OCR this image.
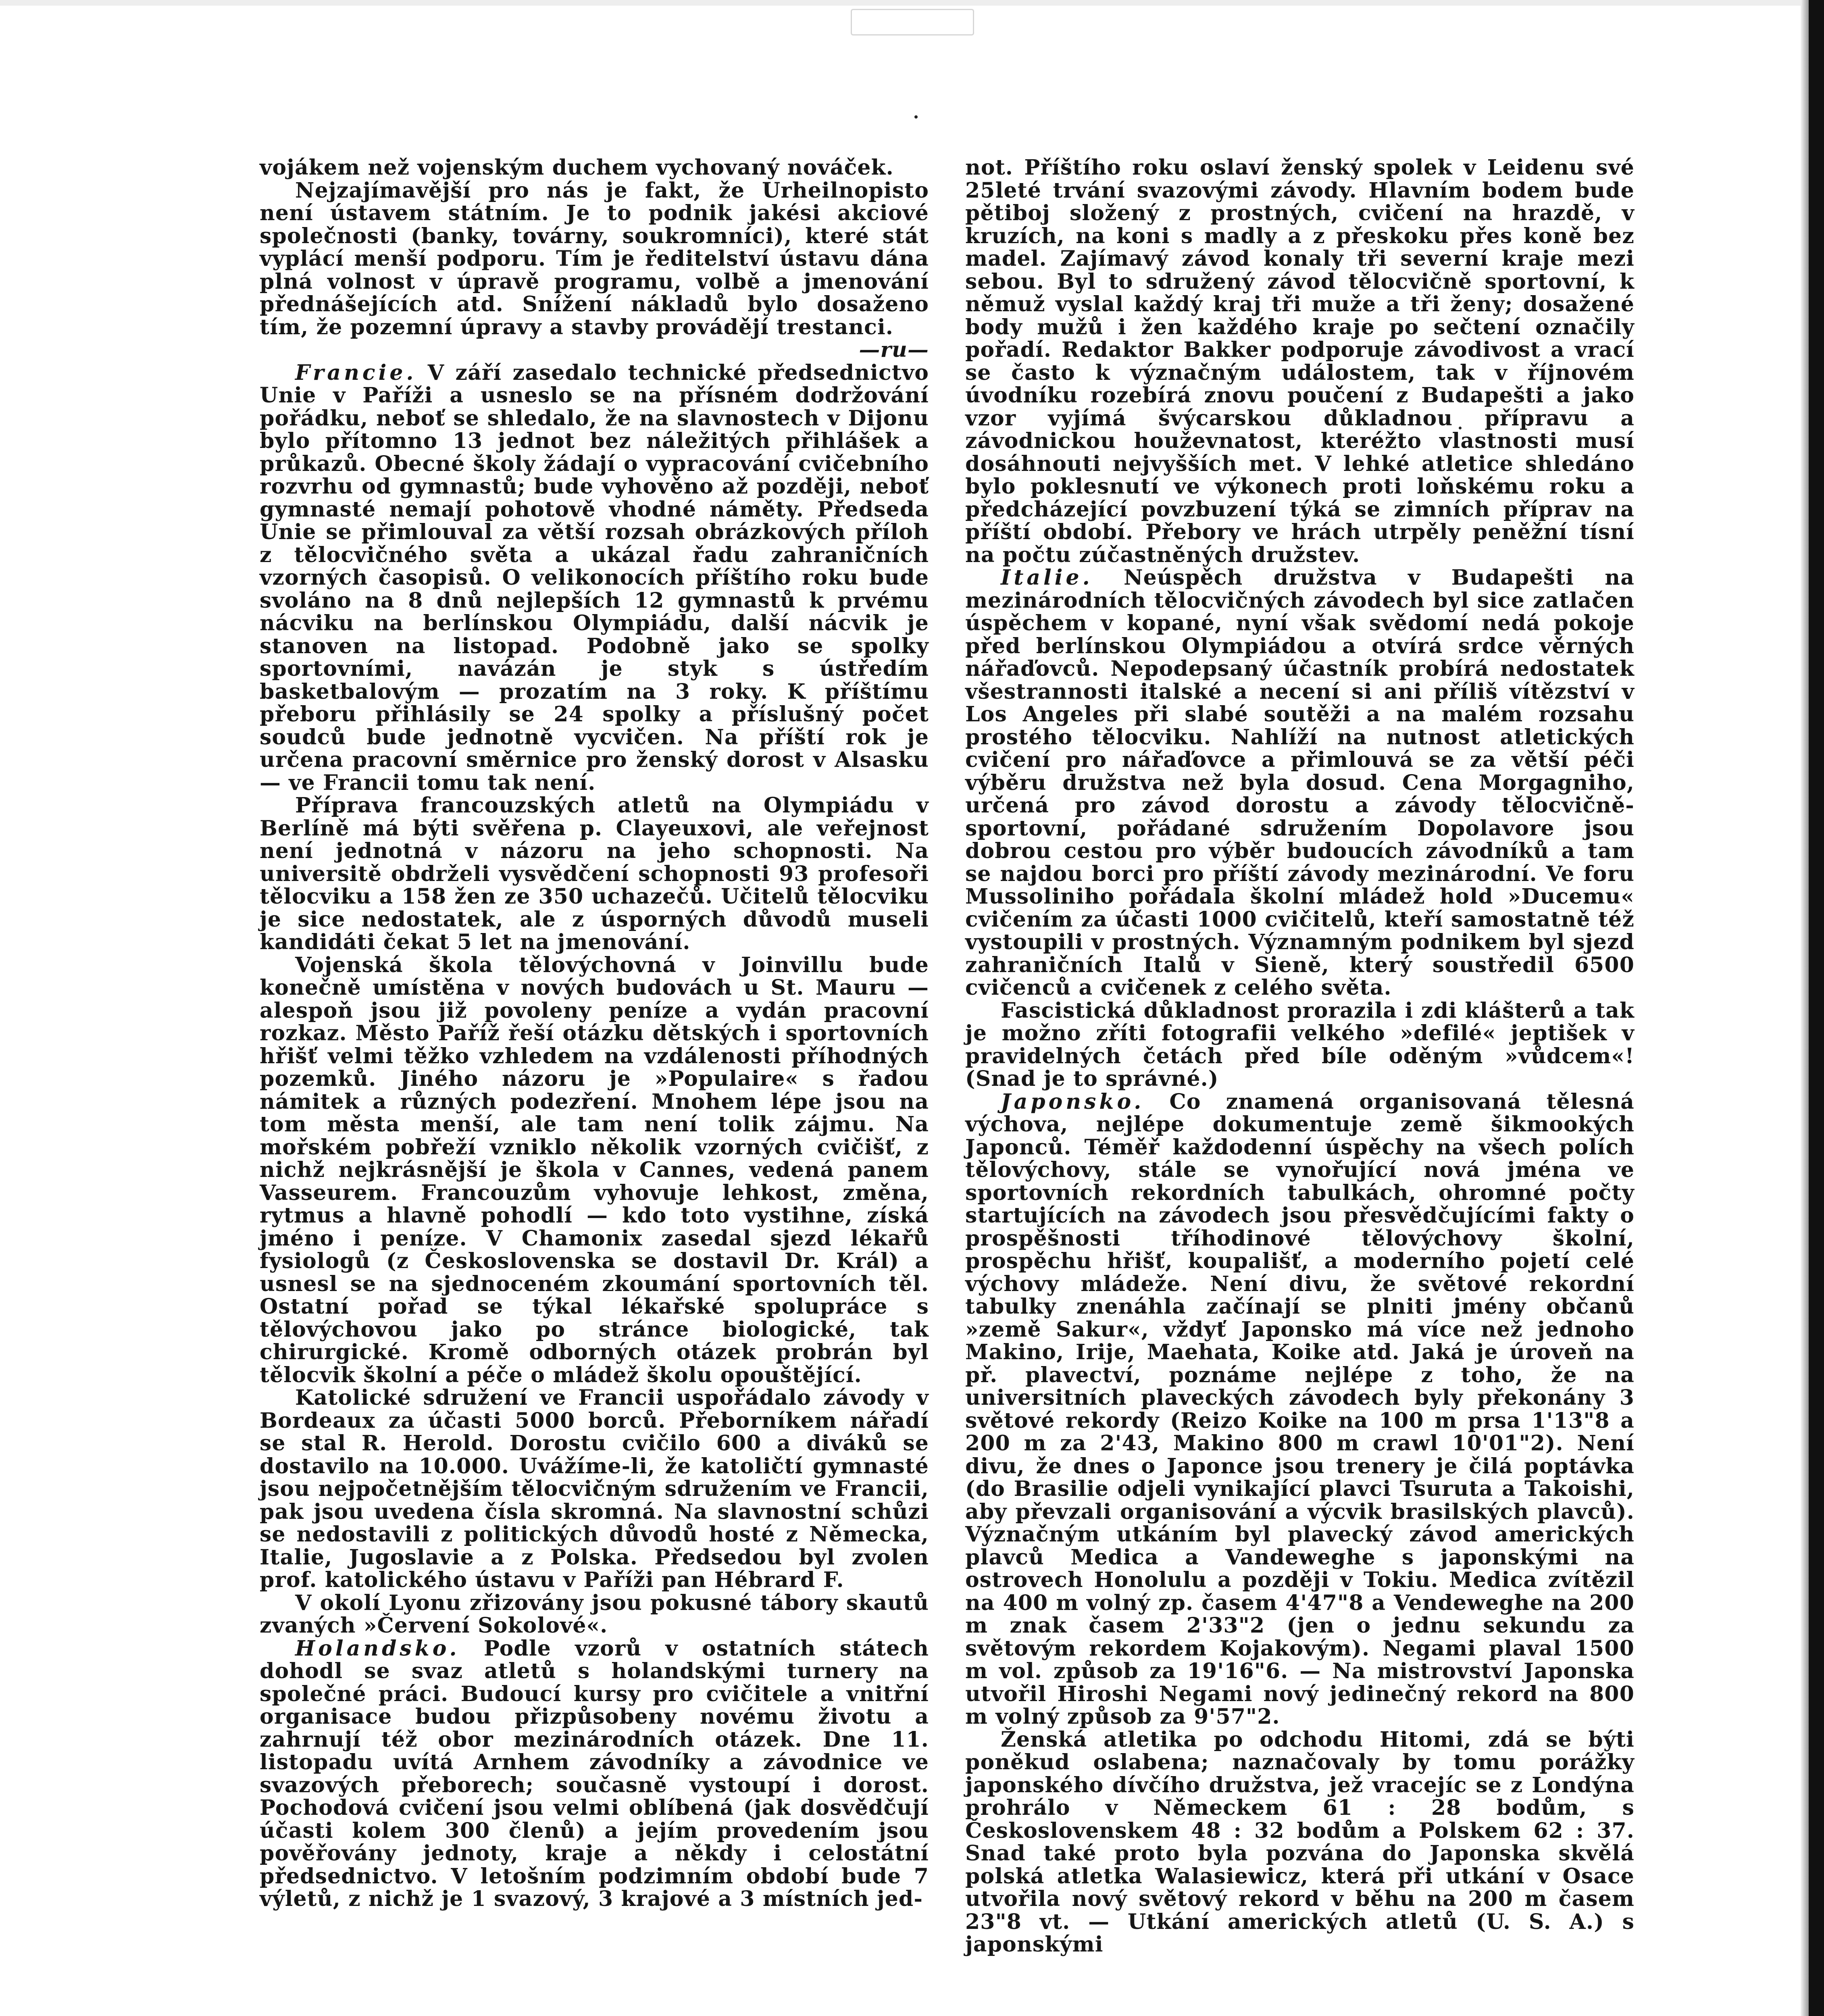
vojákem než vojenským duchem vychovaný nováček.

Nejzajímavější pro nás je fakt, že Urheilnopisto není ústavem státním. Je to podnik jakési akciové společnosti (banky, továrny, soukromníci), které stát vyplácí menší podporu. Tím je ředitelství ústavu dána plná volnost v úpravě programu, volbě a jmenování přednášejících atd. Snížení nákladů bylo dosaženo tím, že pozemní úpravy a stavby provádějí trestanci.

—ru—

Francie. V září zasedalo technické předsednictvo Unie v Paříži a usneslo se na přísném dodržování pořádku, neboť se shledalo, že na slavnostech v Dijonu bylo přítomno 13 jednot bez náležitých přihlášek a průkazů. Obecné školy žádají o vypracování cvičebního rozvrhu od gymnastů; bude vyhověno až později, neboť gymnasté nemají pohotově vhodné náměty. Předseda Unie se přimlouval za větší rozsah obrázkových příloh z tělocvičného světa a ukázal řadu zahraničních vzorných časopisů. O velikonocích příštího roku bude svoláno na 8 dnů nejlepších 12 gymnastů k prvému nácviku na berlínskou Olympiádu, další nácvik je stanoven na listopad. Podobně jako se spolky sportovními, navázán je styk s ústředím basketbalovým — prozatím na 3 roky. K příštímu přeboru přihlásily se 24 spolky a příslušný počet soudců bude jednotně vycvičen. Na příští rok je určena pracovní směrnice pro ženský dorost v Alsasku — ve Francii tomu tak není.

Příprava francouzských atletů na Olympiádu v Berlíně má býti svěřena p. Clayeuxovi, ale veřejnost není jednotná v názoru na jeho schopnosti. Na universitě obdrželi vysvědčení schopnosti 93 profesoři tělocviku a 158 žen ze 350 uchazečů. Učitelů tělocviku je sice nedostatek, ale z úsporných důvodů museli kandidáti čekat 5 let na jmenování.

Vojenská škola tělovýchovná v Joinvillu bude konečně umístěna v nových budovách u St. Mauru — alespoň jsou již povoleny peníze a vydán pracovní rozkaz. Město Paříž řeší otázku dětských i sportovních hřišť velmi těžko vzhledem na vzdálenosti příhodných pozemků. Jiného názoru je »Populaire« s řadou námitek a různých podezření. Mnohem lépe jsou na tom města menší, ale tam není tolik zájmu. Na mořském pobřeží vzniklo několik vzorných cvičišť, z nichž nejkrásnější je škola v Cannes, vedená panem Vasseurem. Francouzům vyhovuje lehkost, změna, rytmus a hlavně pohodlí — kdo toto vystihne, získá jméno i peníze. V Chamonix zasedal sjezd lékařů fysiologů (z Československa se dostavil Dr. Král) a usnesl se na sjednoceném zkoumání sportovních těl. Ostatní pořad se týkal lékařské spolupráce s tělovýchovou jako po stránce biologické, tak chirurgické. Kromě odborných otázek probrán byl tělocvik školní a péče o mládež školu opouštějící.

Katolické sdružení ve Francii uspořádalo závody v Bordeaux za účasti 5000 borců. Přeborníkem nářadí se stal R. Herold. Dorostu cvičilo 600 a diváků se dostavilo na 10.000. Uvážíme-li, že katoličtí gymnasté jsou nejpočetnějším tělocvičným sdružením ve Francii, pak jsou uvedena čísla skromná. Na slavnostní schůzi se nedostavili z politických důvodů hosté z Německa, Italie, Jugoslavie a z Polska. Předsedou byl zvolen prof. katolického ústavu v Paříži pan Hébrard F.

V okolí Lyonu zřizovány jsou pokusné tábory skautů zvaných »Červení Sokolové«.

Holandsko. Podle vzorů v ostatních státech dohodl se svaz atletů s holandskými turnery na společné práci. Budoucí kursy pro cvičitele a vnitřní organisace budou přizpůsobeny novému životu a zahrnují též obor mezinárodních otázek. Dne 11. listopadu uvítá Arnhem závodníky a závodnice ve svazových přeborech; současně vystoupí i dorost. Pochodová cvičení jsou velmi oblíbená (jak dosvědčují účasti kolem 300 členů) a jejím provedením jsou pověřovány jednoty, kraje a někdy i celostátní předsednictvo. V letošním podzimním období bude 7 výletů, z nichž je 1 svazový, 3 krajové a 3 místních jed-

not. Příštího roku oslaví ženský spolek v Leidenu své 25leté trvání svazovými závody. Hlavním bodem bude pětiboj složený z prostných, cvičení na hrazdě, v kruzích, na koni s madly a z přeskoku přes koně bez madel. Zajímavý závod konaly tři severní kraje mezi sebou. Byl to sdružený závod tělocvičně sportovní, k němuž vyslal každý kraj tři muže a tři ženy; dosažené body mužů i žen každého kraje po sečtení označily pořadí. Redaktor Bakker podporuje závodivost a vrací se často k význačným událostem, tak v říjnovém úvodníku rozebírá znovu poučení z Budapešti a jako vzor vyjímá švýcarskou důkladnou přípravu a závodnickou houževnatost, kteréžto vlastnosti musí dosáhnouti nejvyšších met. V lehké atletice shledáno bylo poklesnutí ve výkonech proti loňskému roku a předcházející povzbuzení týká se zimních příprav na příští období. Přebory ve hrách utrpěly peněžní tísní na počtu zúčastněných družstev.

Italie. Neúspěch družstva v Budapešti na mezinárodních tělocvičných závodech byl sice zatlačen úspěchem v kopané, nyní však svědomí nedá pokoje před berlínskou Olympiádou a otvírá srdce věrných nářaďovců. Nepodepsaný účastník probírá nedostatek všestrannosti italské a necení si ani příliš vítězství v Los Angeles při slabé soutěži a na malém rozsahu prostého tělocviku. Nahlíží na nutnost atletických cvičení pro nářaďovce a přimlouvá se za větší péči výběru družstva než byla dosud. Cena Morgagniho, určená pro závod dorostu a závody tělocvičně-sportovní, pořádané sdružením Dopolavore jsou dobrou cestou pro výběr budoucích závodníků a tam se najdou borci pro příští závody mezinárodní. Ve foru Mussoliniho pořádala školní mládež hold »Ducemu« cvičením za účasti 1000 cvičitelů, kteří samostatně též vystoupili v prostných. Významným podnikem byl sjezd zahraničních Italů v Sieně, který soustředil 6500 cvičenců a cvičenek z celého světa.

Fascistická důkladnost prorazila i zdi klášterů a tak je možno zříti fotografii velkého »defilé« jeptišek v pravidelných četách před bíle oděným »vůdcem«! (Snad je to správné.)

Japonsko. Co znamená organisovaná tělesná výchova, nejlépe dokumentuje země šikmookých Japonců. Téměř každodenní úspěchy na všech polích tělovýchovy, stále se vynořující nová jména ve sportovních rekordních tabulkách, ohromné počty startujících na závodech jsou přesvědčujícími fakty o prospěšnosti tříhodinové tělovýchovy školní, prospěchu hřišť, koupališť, a moderního pojetí celé výchovy mládeže. Není divu, že světové rekordní tabulky znenáhla začínají se plniti jmény občanů »země Sakur«, vždyť Japonsko má více než jednoho Makino, Irije, Maehata, Koike atd. Jaká je úroveň na př. plavectví, poznáme nejlépe z toho, že na universitních plaveckých závodech byly překonány 3 světové rekordy (Reizo Koike na 100 m prsa 1'13"8 a 200 m za 2'43, Makino 800 m crawl 10'01"2). Není divu, že dnes o Japonce jsou trenery je čilá poptávka (do Brasilie odjeli vynikající plavci Tsuruta a Takoishi, aby převzali organisování a výcvik brasilských plavců). Význačným utkáním byl plavecký závod amerických plavců Medica a Vandeweghe s japonskými na ostrovech Honolulu a později v Tokiu. Medica zvítězil na 400 m volný zp. časem 4'47"8 a Vendeweghe na 200 m znak časem 2'33"2 (jen o jednu sekundu za světovým rekordem Kojakovým). Negami plaval 1500 m vol. způsob za 19'16"6. — Na mistrovství Japonska utvořil Hiroshi Negami nový jedinečný rekord na 800 m volný způsob za 9'57"2.

Ženská atletika po odchodu Hitomi, zdá se býti poněkud oslabena; naznačovaly by tomu porážky japonského dívčího družstva, jež vracejíc se z Londýna prohrálo v Německem 61 : 28 bodům, s Československem 48 : 32 bodům a Polskem 62 : 37. Snad také proto byla pozvána do Japonska skvělá polská atletka Walasiewicz, která při utkání v Osace utvořila nový světový rekord v běhu na 200 m časem 23"8 vt. — Utkání amerických atletů (U. S. A.) s japonskými
